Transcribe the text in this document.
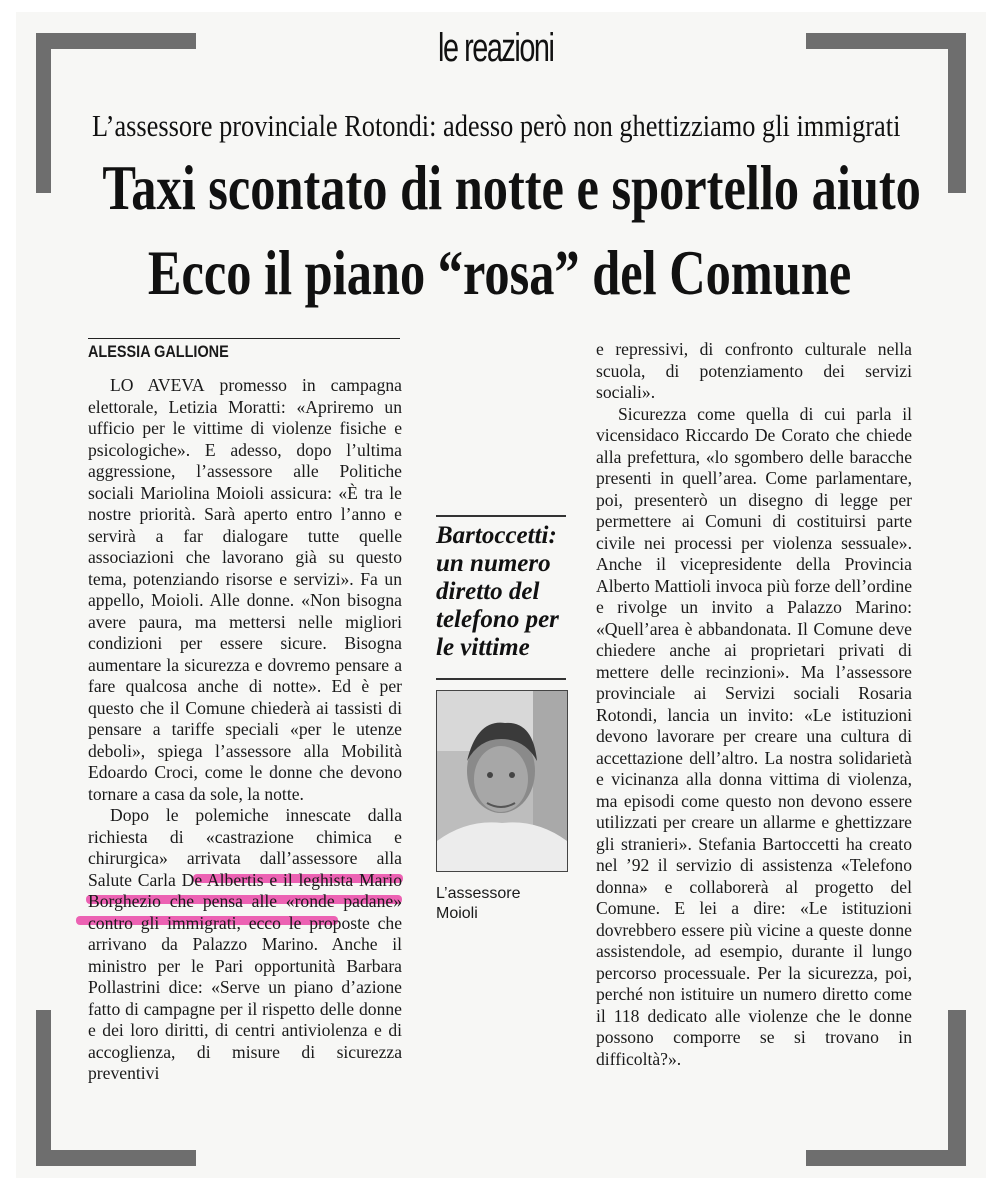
le reazioni
L’assessore provinciale Rotondi: adesso però non ghettizziamo gli immigrati
Taxi scontato di notte e sportello aiuto
Ecco il piano “rosa” del Comune
ALESSIA GALLIONE

LO AVEVA promesso in campagna elettorale, Letizia Moratti: «Apriremo un ufficio per le vittime di violenze fisiche e psicologiche». E adesso, dopo l’ultima aggressione, l’assessore alle Politiche sociali Mariolina Moioli assicura: «È tra le nostre priorità. Sarà aperto entro l’anno e servirà a far dialogare tutte quelle associazioni che lavorano già su questo tema, potenziando risorse e servizi». Fa un appello, Moioli. Alle donne. «Non bisogna avere paura, ma mettersi nelle migliori condizioni per essere sicure. Bisogna aumentare la sicurezza e dovremo pensare a fare qualcosa anche di notte». Ed è per questo che il Comune chiederà ai tassisti di pensare a tariffe speciali «per le utenze deboli», spiega l’assessore alla Mobilità Edoardo Croci, come le donne che devono tornare a casa da sole, la notte.

Dopo le polemiche innescate dalla richiesta di «castrazione chimica e chirurgica» arrivata dall’assessore alla Salute Carla De Albertis e il leghista Mario Borghezio che pensa alle «ronde padane» contro gli immigrati, ecco le proposte che arrivano da Palazzo Marino. Anche il ministro per le Pari opportunità Barbara Pollastrini dice: «Serve un piano d’azione fatto di campagne per il rispetto delle donne e dei loro diritti, di centri antiviolenza e di accoglienza, di misure di sicurezza preventivi

Bartoccetti: un numero diretto del telefono per le vittime
L’assessore Moioli

e repressivi, di confronto culturale nella scuola, di potenziamento dei servizi sociali».

Sicurezza come quella di cui parla il vicensidaco Riccardo De Corato che chiede alla prefettura, «lo sgombero delle baracche presenti in quell’area. Come parlamentare, poi, presenterò un disegno di legge per permettere ai Comuni di costituirsi parte civile nei processi per violenza sessuale». Anche il vicepresidente della Provincia Alberto Mattioli invoca più forze dell’ordine e rivolge un invito a Palazzo Marino: «Quell’area è abbandonata. Il Comune deve chiedere anche ai proprietari privati di mettere delle recinzioni». Ma l’assessore provinciale ai Servizi sociali Rosaria Rotondi, lancia un invito: «Le istituzioni devono lavorare per creare una cultura di accettazione dell’altro. La nostra solidarietà e vicinanza alla donna vittima di violenza, ma episodi come questo non devono essere utilizzati per creare un allarme e ghettizzare gli stranieri». Stefania Bartoccetti ha creato nel ’92 il servizio di assistenza «Telefono donna» e collaborerà al progetto del Comune. E lei a dire: «Le istituzioni dovrebbero essere più vicine a queste donne assistendole, ad esempio, durante il lungo percorso processuale. Per la sicurezza, poi, perché non istituire un numero diretto come il 118 dedicato alle violenze che le donne possono comporre se si trovano in difficoltà?».
